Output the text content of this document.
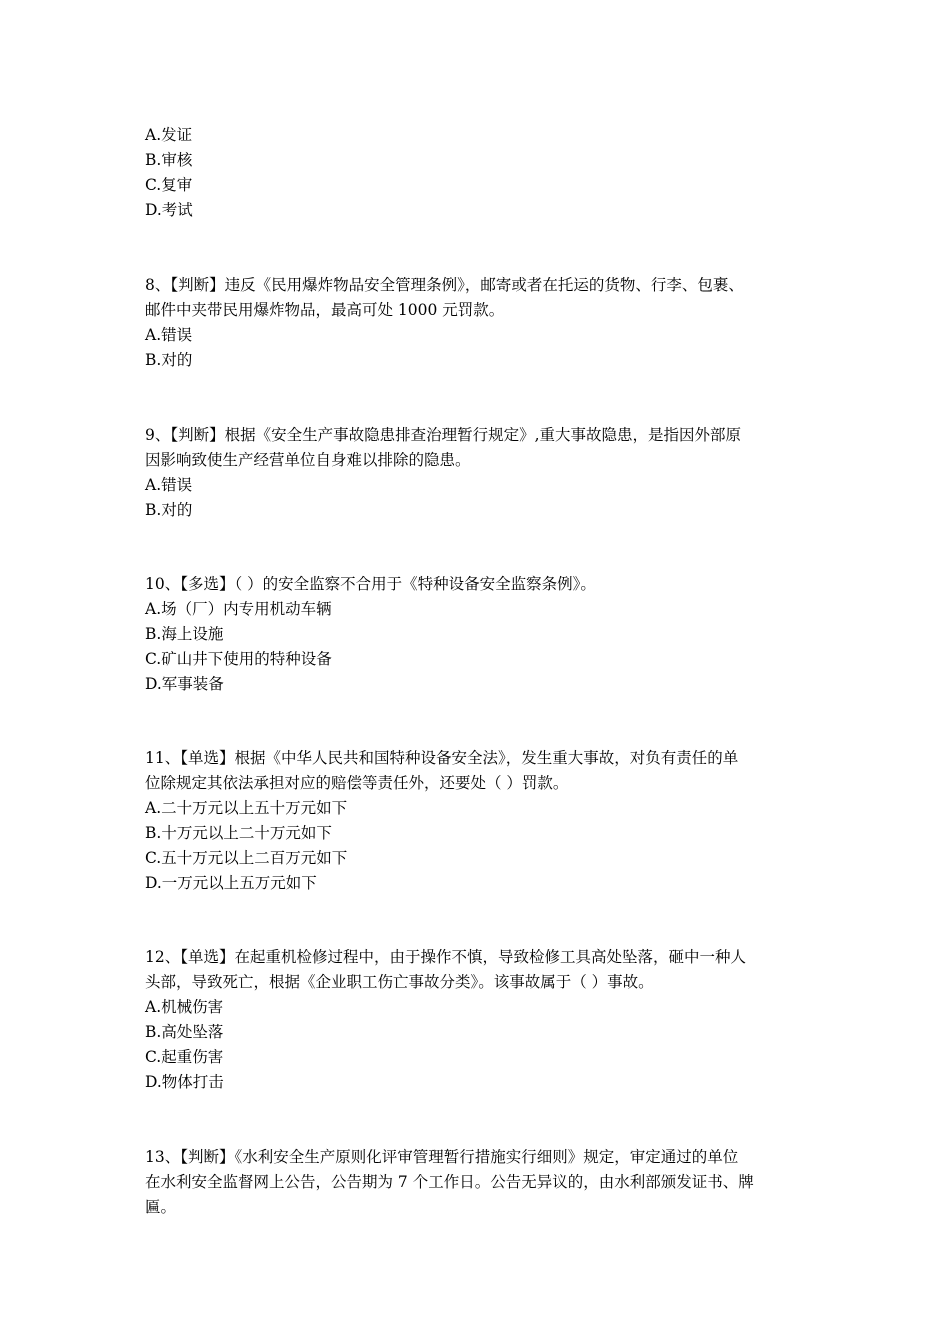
A.发证
B.审核
C.复审
D.考试
8、【判断】违反《民用爆炸物品安全管理条例》，邮寄或者在托运的货物、行李、包裹、
邮件中夹带民用爆炸物品，最高可处 1000 元罚款。
A.错误
B.对的
9、【判断】根据《安全生产事故隐患排查治理暂行规定》,重大事故隐患，是指因外部原
因影响致使生产经营单位自身难以排除的隐患。
A.错误
B.对的
10、【多选】（ ）的安全监察不合用于《特种设备安全监察条例》。
A.场（厂）内专用机动车辆
B.海上设施
C.矿山井下使用的特种设备
D.军事装备
11、【单选】根据《中华人民共和国特种设备安全法》，发生重大事故，对负有责任的单
位除规定其依法承担对应的赔偿等责任外，还要处（ ）罚款。
A.二十万元以上五十万元如下
B.十万元以上二十万元如下
C.五十万元以上二百万元如下
D.一万元以上五万元如下
12、【单选】在起重机检修过程中，由于操作不慎，导致检修工具高处坠落，砸中一种人
头部，导致死亡，根据《企业职工伤亡事故分类》。该事故属于（ ）事故。
A.机械伤害
B.高处坠落
C.起重伤害
D.物体打击
13、【判断】《水利安全生产原则化评审管理暂行措施实行细则》规定，审定通过的单位
在水利安全监督网上公告，公告期为 7 个工作日。公告无异议的，由水利部颁发证书、牌
匾。
